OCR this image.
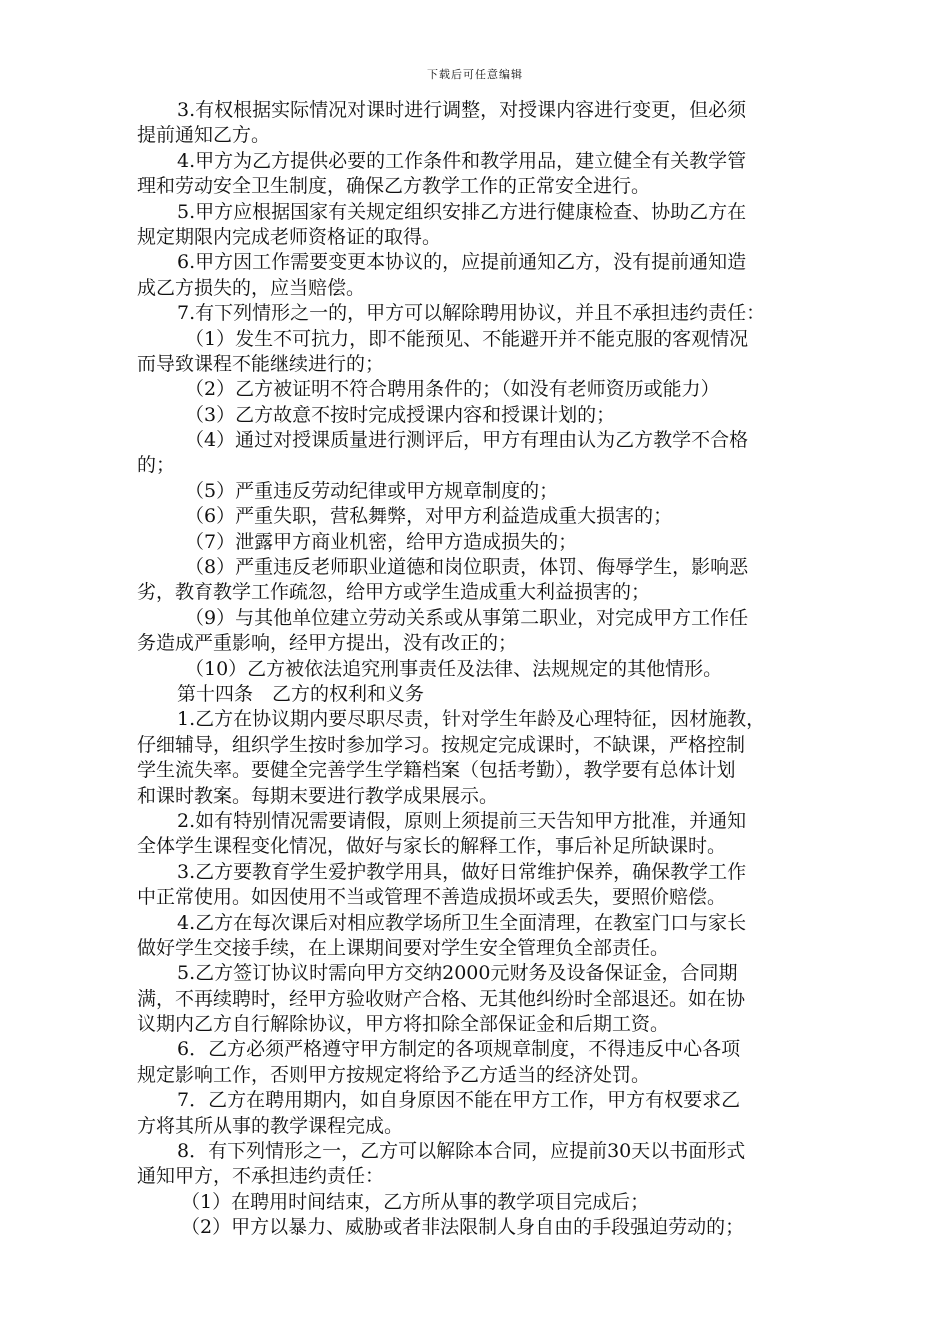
下载后可任意编辑
3.有权根据实际情况对课时进行调整，对授课内容进行变更，但必须
提前通知乙方。
4.甲方为乙方提供必要的工作条件和教学用品，建立健全有关教学管
理和劳动安全卫生制度，确保乙方教学工作的正常安全进行。
5.甲方应根据国家有关规定组织安排乙方进行健康检查、协助乙方在
规定期限内完成老师资格证的取得。
6.甲方因工作需要变更本协议的，应提前通知乙方，没有提前通知造
成乙方损失的，应当赔偿。
7.有下列情形之一的，甲方可以解除聘用协议，并且不承担违约责任：
（1）发生不可抗力，即不能预见、不能避开并不能克服的客观情况
而导致课程不能继续进行的；
（2）乙方被证明不符合聘用条件的；（如没有老师资历或能力）
（3）乙方故意不按时完成授课内容和授课计划的；
（4）通过对授课质量进行测评后，甲方有理由认为乙方教学不合格
的；
（5）严重违反劳动纪律或甲方规章制度的；
（6）严重失职，营私舞弊，对甲方利益造成重大损害的；
（7）泄露甲方商业机密，给甲方造成损失的；
（8）严重违反老师职业道德和岗位职责，体罚、侮辱学生，影响恶
劣，教育教学工作疏忽，给甲方或学生造成重大利益损害的；
（9）与其他单位建立劳动关系或从事第二职业，对完成甲方工作任
务造成严重影响，经甲方提出，没有改正的；
（10）乙方被依法追究刑事责任及法律、法规规定的其他情形。
第十四条　乙方的权利和义务
1.乙方在协议期内要尽职尽责，针对学生年龄及心理特征，因材施教，
仔细辅导，组织学生按时参加学习。按规定完成课时，不缺课，严格控制
学生流失率。要健全完善学生学籍档案（包括考勤），教学要有总体计划
和课时教案。每期末要进行教学成果展示。
2.如有特别情况需要请假，原则上须提前三天告知甲方批准，并通知
全体学生课程变化情况，做好与家长的解释工作，事后补足所缺课时。
3.乙方要教育学生爱护教学用具，做好日常维护保养，确保教学工作
中正常使用。如因使用不当或管理不善造成损坏或丢失，要照价赔偿。
4.乙方在每次课后对相应教学场所卫生全面清理，在教室门口与家长
做好学生交接手续，在上课期间要对学生安全管理负全部责任。
5.乙方签订协议时需向甲方交纳2000元财务及设备保证金，合同期
满，不再续聘时，经甲方验收财产合格、无其他纠纷时全部退还。如在协
议期内乙方自行解除协议，甲方将扣除全部保证金和后期工资。
6．乙方必须严格遵守甲方制定的各项规章制度，不得违反中心各项
规定影响工作，否则甲方按规定将给予乙方适当的经济处罚。
7．乙方在聘用期内，如自身原因不能在甲方工作，甲方有权要求乙
方将其所从事的教学课程完成。
8．有下列情形之一，乙方可以解除本合同，应提前30天以书面形式
通知甲方，不承担违约责任：
（1）在聘用时间结束，乙方所从事的教学项目完成后；
（2）甲方以暴力、威胁或者非法限制人身自由的手段强迫劳动的；
